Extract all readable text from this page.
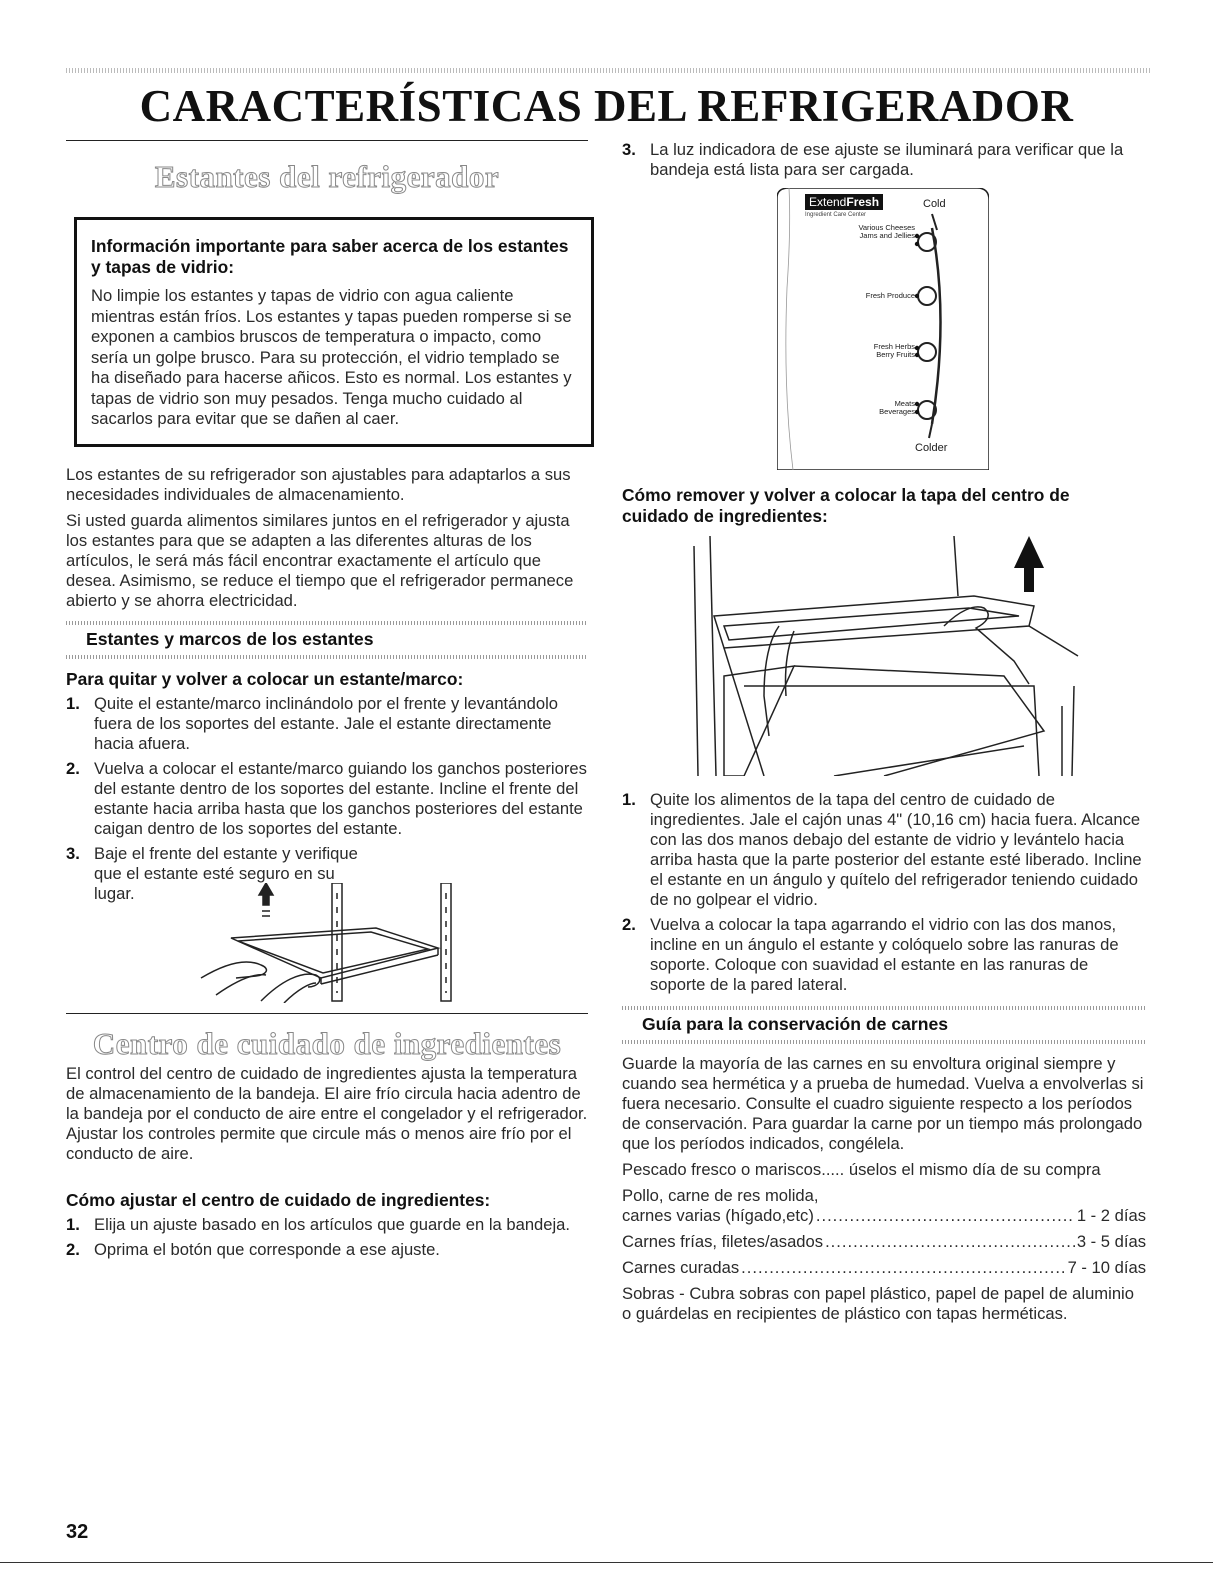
CARACTERÍSTICAS DEL REFRIGERADOR
Estantes del refrigerador

Información importante para saber acerca de los estantes y tapas de vidrio:

No limpie los estantes y tapas de vidrio con agua caliente mientras están fríos. Los estantes y tapas pueden romperse si se exponen a cambios bruscos de temperatura o impacto, como sería un golpe brusco. Para su protección, el vidrio templado se ha diseñado para hacerse añicos. Esto es normal. Los estantes y tapas de vidrio son muy pesados. Tenga mucho cuidado al sacarlos para evitar que se dañen al caer.

Los estantes de su refrigerador son ajustables para adaptarlos a sus necesidades individuales de almacenamiento.

Si usted guarda alimentos similares juntos en el refrigerador y ajusta los estantes para que se adapten a las diferentes alturas de los artículos, le será más fácil encontrar exactamente el artículo que desea. Asimismo, se reduce el tiempo que el refrigerador permanece abierto y se ahorra electricidad.

Estantes y marcos de los estantes

Para quitar y volver a colocar un estante/marco:

1. Quite el estante/marco inclinándolo por el frente y levantándolo fuera de los soportes del estante. Jale el estante directamente hacia afuera.
2. Vuelva a colocar el estante/marco guiando los ganchos posteriores del estante dentro de los soportes del estante. Incline el frente del estante hacia arriba hasta que los ganchos posteriores del estante caigan dentro de los soportes del estante.
3. Baje el frente del estante y verifique que el estante esté seguro en su lugar.
Centro de cuidado de ingredientes

El control del centro de cuidado de ingredientes ajusta la temperatura de almacenamiento de la bandeja. El aire frío circula hacia adentro de la bandeja por el conducto de aire entre el congelador y el refrigerador. Ajustar los controles permite que circule más o menos aire frío por el conducto de aire.

Cómo ajustar el centro de cuidado de ingredientes:

1. Elija un ajuste basado en los artículos que guarde en la bandeja.
2. Oprima el botón que corresponde a ese ajuste.
3. La luz indicadora de ese ajuste se iluminará para verificar que la bandeja está lista para ser cargada.
ExtendFresh
Ingredient Care Center
Cold
Colder
Various Cheeses
Jams and Jellies
Fresh Produce
Fresh Herbs
Berry Fruits
Meats
Beverages

Cómo remover y volver a colocar la tapa del centro de cuidado de ingredientes:

1. Quite los alimentos de la tapa del centro de cuidado de ingredientes. Jale el cajón unas 4" (10,16 cm) hacia fuera. Alcance con las dos manos debajo del estante de vidrio y levántelo hacia arriba hasta que la parte posterior del estante esté liberado. Incline el estante en un ángulo y quítelo del refrigerador teniendo cuidado de no golpear el vidrio.
2. Vuelva a colocar la tapa agarrando el vidrio con las dos manos, incline en un ángulo el estante y colóquelo sobre las ranuras de soporte. Coloque con suavidad el estante en las ranuras de soporte de la pared lateral.
Guía para la conservación de carnes

Guarde la mayoría de las carnes en su envoltura original siempre y cuando sea hermética y a prueba de humedad. Vuelva a envolverlas si fuera necesario. Consulte el cuadro siguiente respecto a los períodos de conservación. Para guardar la carne por un tiempo más prolongado que los períodos indicados, congélela.

Pescado fresco o mariscos..... úselos el mismo día de su compra

Pollo, carne de res molida,

carnes varias (hígado,etc) .....	1 - 2 días
Carnes frías, filetes/asados .....	3 - 5 días
Carnes curadas .....	7 - 10 días

Sobras - Cubra sobras con papel plástico, papel de papel de aluminio o guárdelas en recipientes de plástico con tapas herméticas.

32
